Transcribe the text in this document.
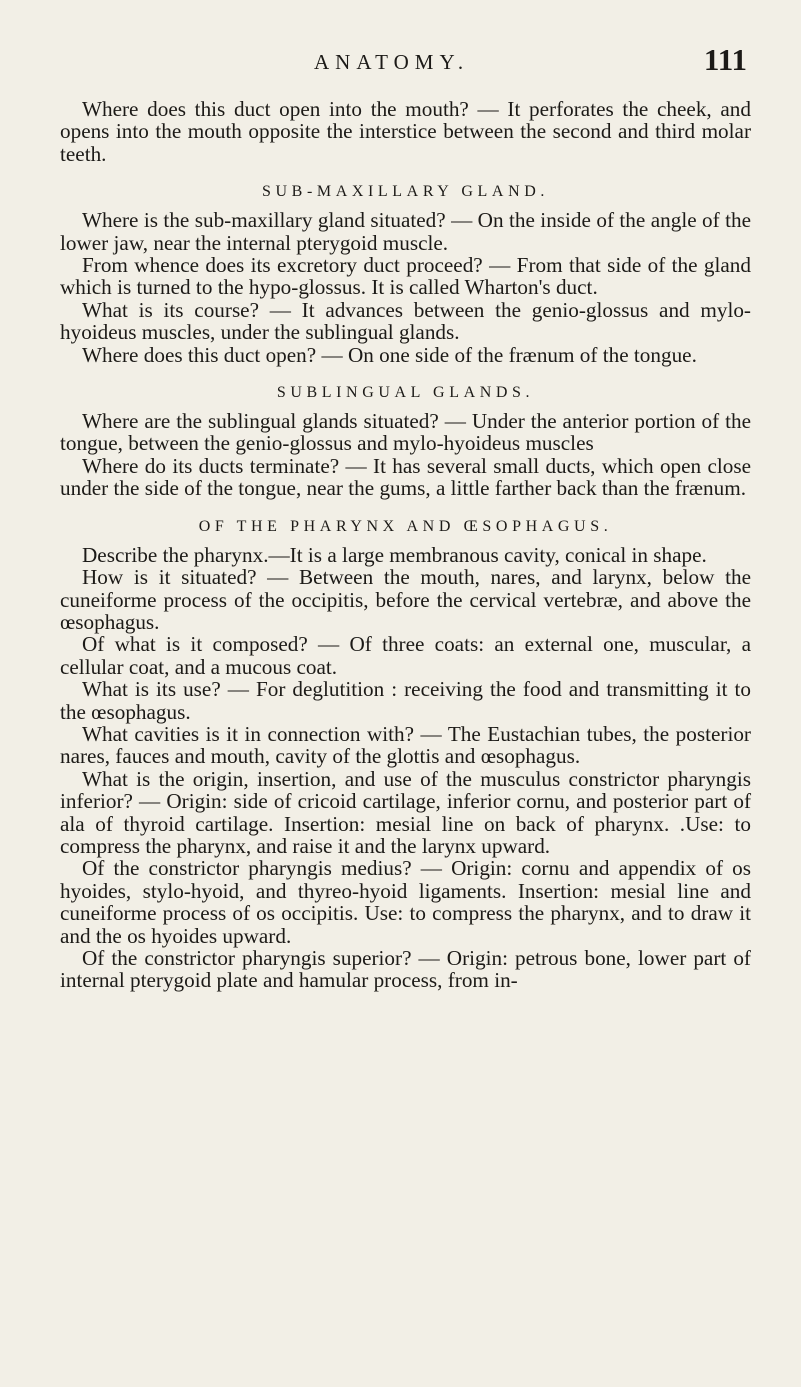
ANATOMY.	111

Where does this duct open into the mouth? — It perforates the cheek, and opens into the mouth opposite the interstice between the second and third molar teeth.

SUB-MAXILLARY GLAND.

Where is the sub-maxillary gland situated? — On the inside of the angle of the lower jaw, near the internal pterygoid muscle.

From whence does its excretory duct proceed? — From that side of the gland which is turned to the hypo-glossus. It is called Wharton's duct.

What is its course? — It advances between the genio-glossus and mylo-hyoideus muscles, under the sublingual glands.

Where does this duct open? — On one side of the frænum of the tongue.

SUBLINGUAL GLANDS.

Where are the sublingual glands situated? — Under the anterior portion of the tongue, between the genio-glossus and mylo-hyoideus muscles

Where do its ducts terminate? — It has several small ducts, which open close under the side of the tongue, near the gums, a little farther back than the frænum.

OF THE PHARYNX AND ŒSOPHAGUS.

Describe the pharynx.—It is a large membranous cavity, conical in shape.

How is it situated? — Between the mouth, nares, and larynx, below the cuneiforme process of the occipitis, before the cervical vertebræ, and above the œsophagus.

Of what is it composed? — Of three coats: an external one, muscular, a cellular coat, and a mucous coat.

What is its use? — For deglutition : receiving the food and transmitting it to the œsophagus.

What cavities is it in connection with? — The Eustachian tubes, the posterior nares, fauces and mouth, cavity of the glottis and œsophagus.

What is the origin, insertion, and use of the musculus constrictor pharyngis inferior? — Origin: side of cricoid cartilage, inferior cornu, and posterior part of ala of thyroid cartilage. Insertion: mesial line on back of pharynx. .Use: to compress the pharynx, and raise it and the larynx upward.

Of the constrictor pharyngis medius? — Origin: cornu and appendix of os hyoides, stylo-hyoid, and thyreo-hyoid ligaments. Insertion: mesial line and cuneiforme process of os occipitis. Use: to compress the pharynx, and to draw it and the os hyoides upward.

Of the constrictor pharyngis superior? — Origin: petrous bone, lower part of internal pterygoid plate and hamular process, from in-
